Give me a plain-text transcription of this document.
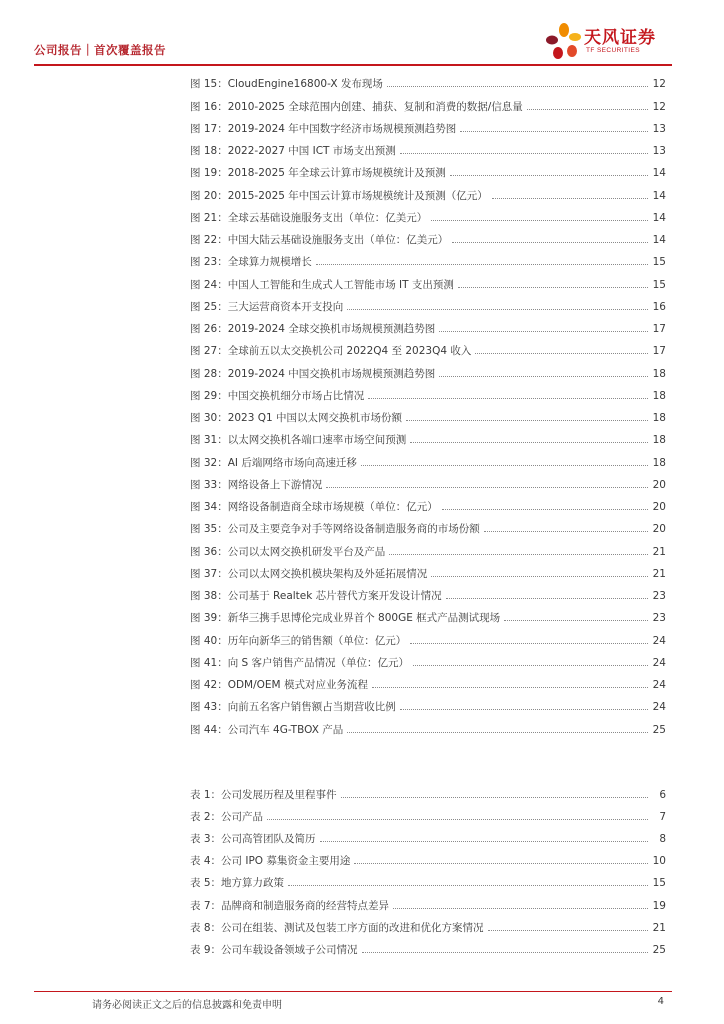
公司报告｜首次覆盖报告
天风证券
TF SECURITIES
图 15：CloudEngine16800-X 发布现场	12
图 16：2010-2025 全球范围内创建、捕获、复制和消费的数据/信息量	12
图 17：2019-2024 年中国数字经济市场规模预测趋势图	13
图 18：2022-2027 中国 ICT 市场支出预测	13
图 19：2018-2025 年全球云计算市场规模统计及预测	14
图 20：2015-2025 年中国云计算市场规模统计及预测（亿元）	14
图 21：全球云基础设施服务支出（单位：亿美元）	14
图 22：中国大陆云基础设施服务支出（单位：亿美元）	14
图 23：全球算力规模增长	15
图 24：中国人工智能和生成式人工智能市场 IT 支出预测	15
图 25：三大运营商资本开支投向	16
图 26：2019-2024 全球交换机市场规模预测趋势图	17
图 27：全球前五以太交换机公司 2022Q4 至 2023Q4 收入	17
图 28：2019-2024 中国交换机市场规模预测趋势图	18
图 29：中国交换机细分市场占比情况	18
图 30：2023 Q1 中国以太网交换机市场份额	18
图 31：以太网交换机各端口速率市场空间预测	18
图 32：AI 后端网络市场向高速迁移	18
图 33：网络设备上下游情况	20
图 34：网络设备制造商全球市场规模（单位：亿元）	20
图 35：公司及主要竞争对手等网络设备制造服务商的市场份额	20
图 36：公司以太网交换机研发平台及产品	21
图 37：公司以太网交换机模块架构及外延拓展情况	21
图 38：公司基于 Realtek 芯片替代方案开发设计情况	23
图 39：新华三携手思博伦完成业界首个 800GE 框式产品测试现场	23
图 40：历年向新华三的销售额（单位：亿元）	24
图 41：向 S 客户销售产品情况（单位：亿元）	24
图 42：ODM/OEM 模式对应业务流程	24
图 43：向前五名客户销售额占当期营收比例	24
图 44：公司汽车 4G-TBOX 产品	25
表 1：公司发展历程及里程事件	6
表 2：公司产品	7
表 3：公司高管团队及简历	8
表 4：公司 IPO 募集资金主要用途	10
表 5：地方算力政策	15
表 7：品牌商和制造服务商的经营特点差异	19
表 8：公司在组装、测试及包装工序方面的改进和优化方案情况	21
表 9：公司车载设备领域子公司情况	25
请务必阅读正文之后的信息披露和免责申明	4
